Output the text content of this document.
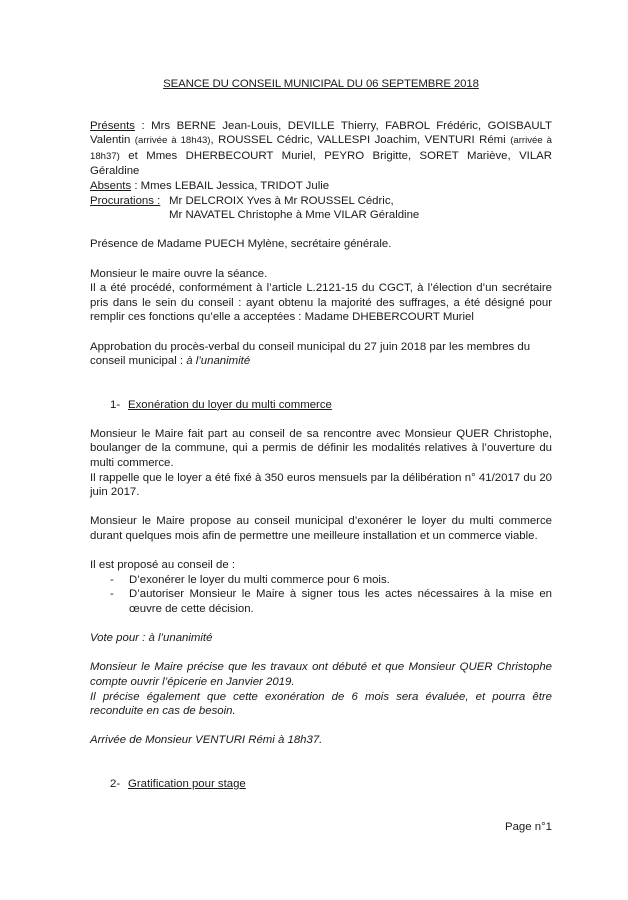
SEANCE DU CONSEIL MUNICIPAL DU 06 SEPTEMBRE 2018

Présents : Mrs BERNE Jean-Louis, DEVILLE Thierry, FABROL Frédéric, GOISBAULT Valentin (arrivée à 18h43), ROUSSEL Cédric, VALLESPI Joachim, VENTURI Rémi (arrivée à 18h37) et Mmes DHERBECOURT Muriel, PEYRO Brigitte, SORET Mariève, VILAR Géraldine

Absents : Mmes LEBAIL Jessica, TRIDOT Julie

Procurations : Mr DELCROIX Yves à Mr ROUSSEL Cédric,

Mr NAVATEL Christophe à Mme VILAR Géraldine

Présence de Madame PUECH Mylène, secrétaire générale.

Monsieur le maire ouvre la séance.

Il a été procédé, conformément à l’article L.2121-15 du CGCT, à l’élection d’un secrétaire pris dans le sein du conseil : ayant obtenu la majorité des suffrages, a été désigné pour remplir ces fonctions qu’elle a acceptées : Madame DHEBERCOURT Muriel

Approbation du procès-verbal du conseil municipal du 27 juin 2018 par les membres du conseil municipal : à l’unanimité

1- Exonération du loyer du multi commerce

Monsieur le Maire fait part au conseil de sa rencontre avec Monsieur QUER Christophe, boulanger de la commune, qui a permis de définir les modalités relatives à l’ouverture du multi commerce.

Il rappelle que le loyer a été fixé à 350 euros mensuels par la délibération n° 41/2017 du 20 juin 2017.

Monsieur le Maire propose au conseil municipal d’exonérer le loyer du multi commerce durant quelques mois afin de permettre une meilleure installation et un commerce viable.

Il est proposé au conseil de :

- D’exonérer le loyer du multi commerce pour 6 mois.
- D’autoriser Monsieur le Maire à signer tous les actes nécessaires à la mise en œuvre de cette décision.

Vote pour : à l’unanimité

Monsieur le Maire précise que les travaux ont débuté et que Monsieur QUER Christophe compte ouvrir l’épicerie en Janvier 2019.

Il précise également que cette exonération de 6 mois sera évaluée, et pourra être reconduite en cas de besoin.

Arrivée de Monsieur VENTURI Rémi à 18h37.

2- Gratification pour stage

Page n°1
